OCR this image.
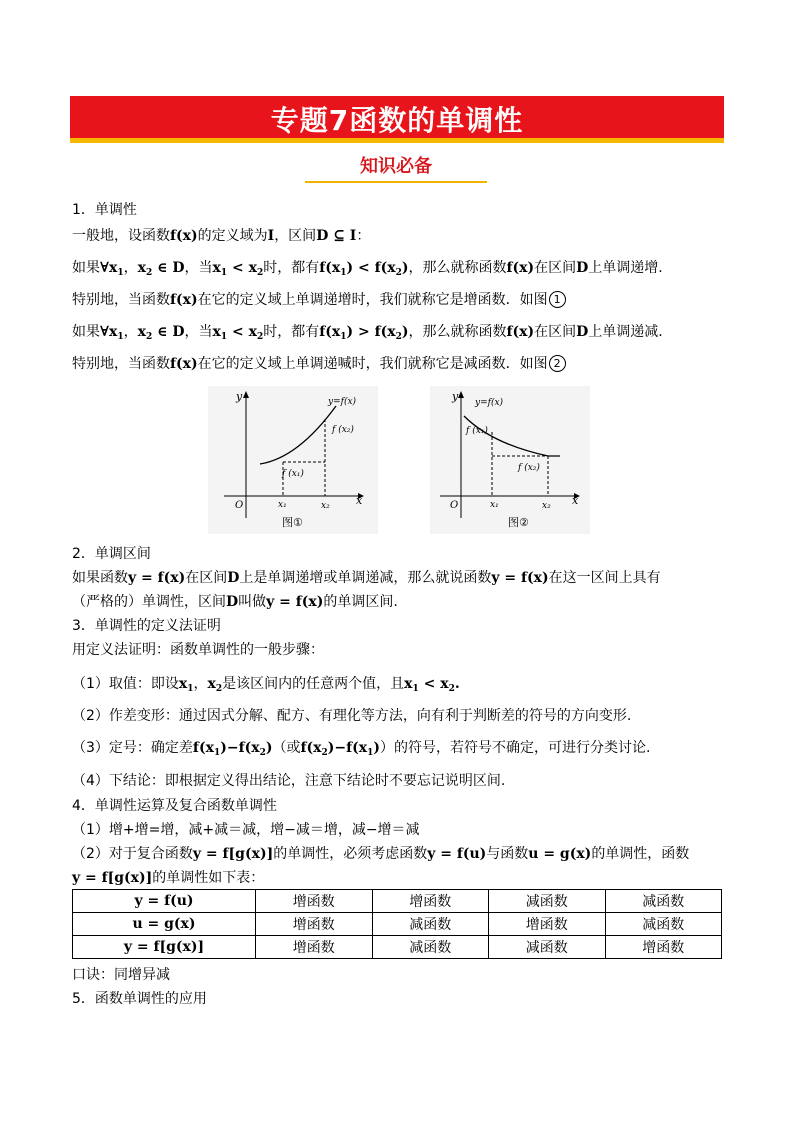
专题7函数的单调性
知识必备
1．单调性
一般地，设函数f(x)的定义域为I，区间D ⊆ I：
如果$\forall x_1$，$x_2$ ∈ D，当$x_1 < x_2$时，都有$f(x_1) < f(x_2)$，那么就称函数f(x)在区间D上单调递增.
特别地，当函数f(x)在它的定义域上单调递增时，我们就称它是增函数．如图 1
如果$\forall x_1$，$x_2$ ∈ D，当$x_1 < x_2$时，都有$f(x_1) > f(x_2)$，那么就称函数f(x)在区间D上单调递减.
特别地，当函数f(x)在它的定义域上单调递喊时，我们就称它是减函数．如图 2
y
x
O
y=f(x)
f (x₂)
f (x₁)
x₁	x₂
图①
y
x
O
y=f(x)
f (x₁)
f (x₂)
x₁	x₂
图②
2．单调区间
如果函数y = f(x)在区间D上是单调递增或单调递减，那么就说函数y = f(x)在这一区间上具有
（严格的）单调性，区间D叫做y = f(x)的单调区间.
3．单调性的定义法证明
用定义法证明：函数单调性的一般步骤：
（1）取值：即设$x_1$，$x_2$是该区间内的任意两个值，且$x_1 < x_2$.
（2）作差变形：通过因式分解、配方、有理化等方法，向有利于判断差的符号的方向变形.
（3）定号：确定差$f(x_1)-f(x_2)$（或$f(x_2)-f(x_1)$）的符号，若符号不确定，可进行分类讨论.
（4）下结论：即根据定义得出结论，注意下结论时不要忘记说明区间.
4．单调性运算及复合函数单调性
（1）增+增=增，减+减＝减，增−减＝增，减−增＝减
（2）对于复合函数y = f[g(x)]的单调性，必须考虑函数y = f(u)与函数u = g(x)的单调性，函数
y = f[g(x)]的单调性如下表：
y = f(u)	增函数	增函数	减函数	减函数
u = g(x)	增函数	减函数	增函数	减函数
y = f[g(x)]	增函数	减函数	减函数	增函数
口诀：同增异减
5．函数单调性的应用
